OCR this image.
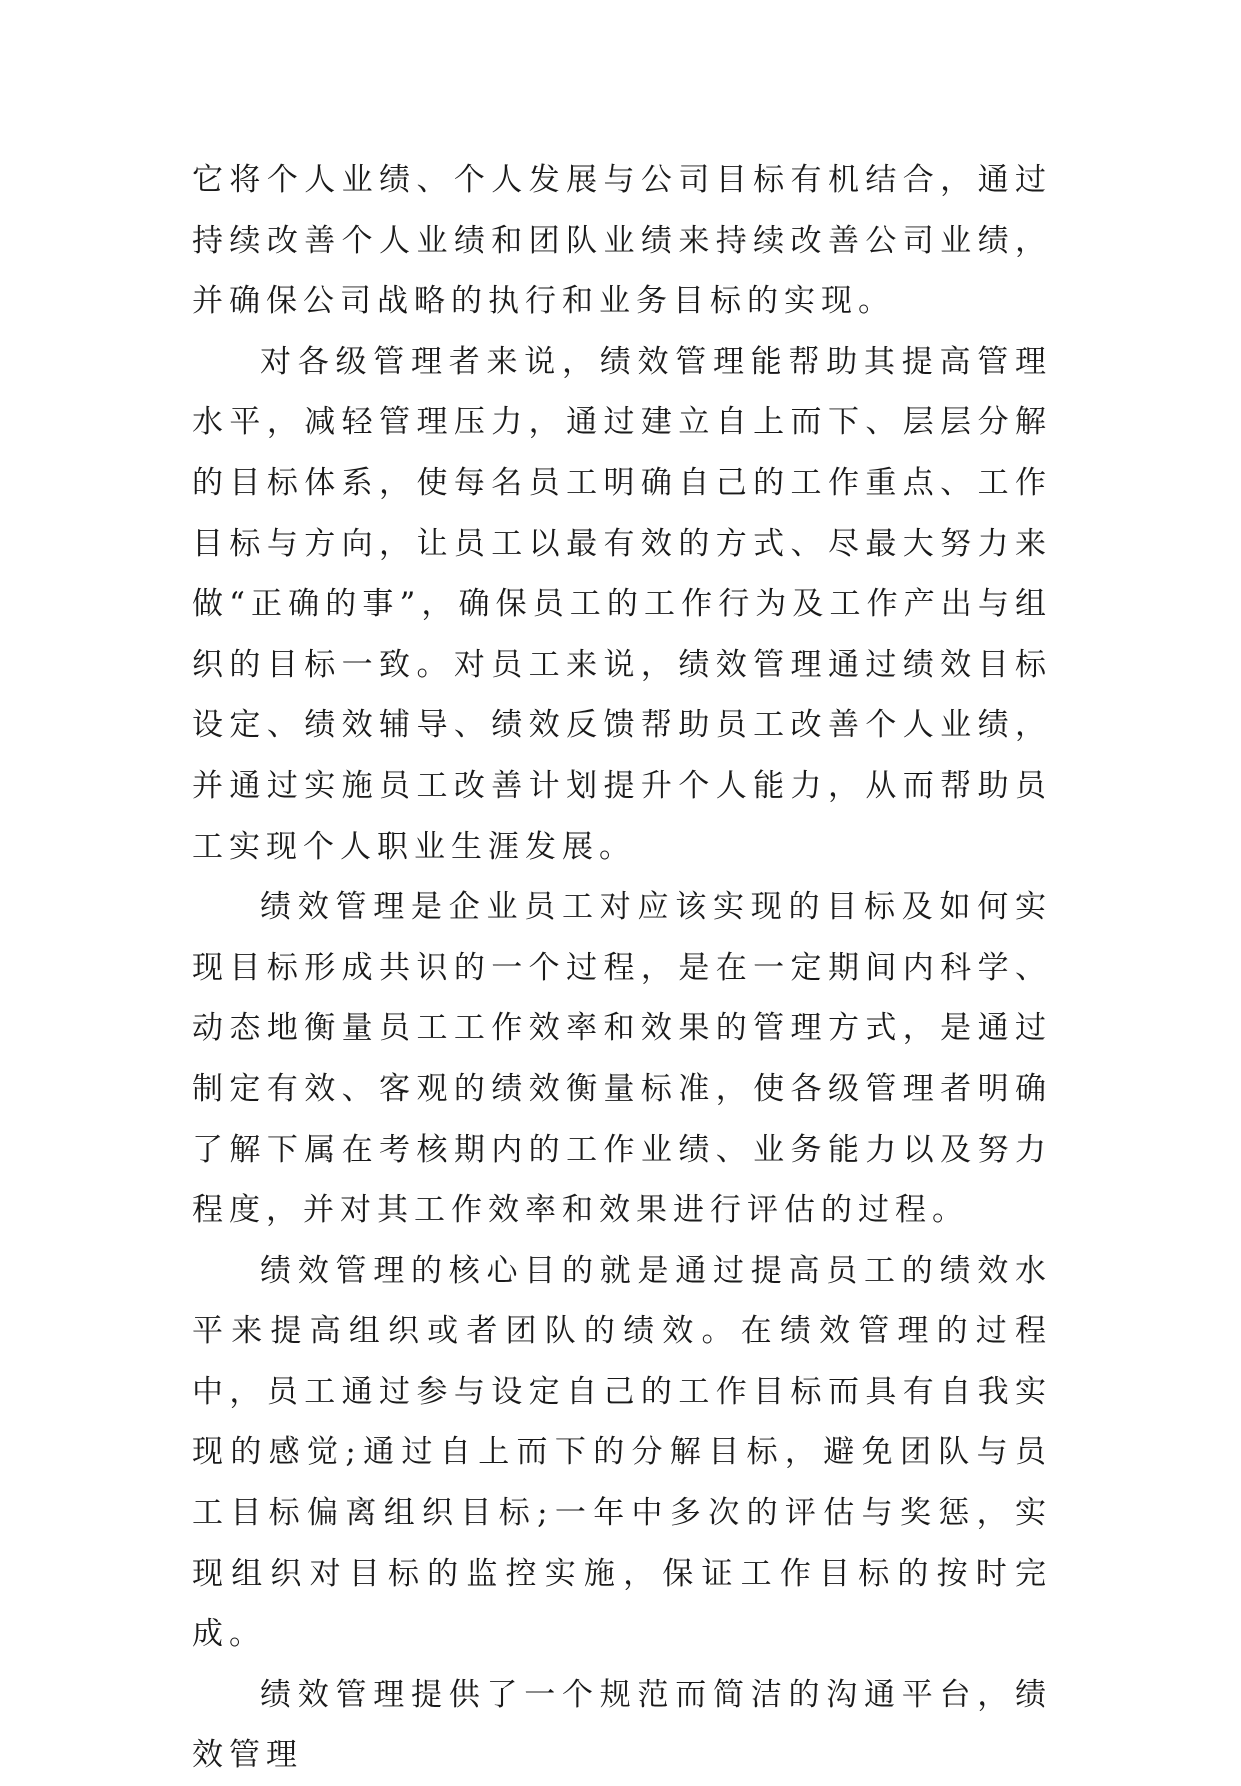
它将个人业绩、个人发展与公司目标有机结合，通过持续改善个人业绩和团队业绩来持续改善公司业绩，并确保公司战略的执行和业务目标的实现。

对各级管理者来说，绩效管理能帮助其提高管理水平，减轻管理压力，通过建立自上而下、层层分解的目标体系，使每名员工明确自己的工作重点、工作目标与方向，让员工以最有效的方式、尽最大努力来做“正确的事”，确保员工的工作行为及工作产出与组织的目标一致。对员工来说，绩效管理通过绩效目标设定、绩效辅导、绩效反馈帮助员工改善个人业绩，并通过实施员工改善计划提升个人能力，从而帮助员工实现个人职业生涯发展。

绩效管理是企业员工对应该实现的目标及如何实现目标形成共识的一个过程，是在一定期间内科学、动态地衡量员工工作效率和效果的管理方式，是通过制定有效、客观的绩效衡量标准，使各级管理者明确了解下属在考核期内的工作业绩、业务能力以及努力程度，并对其工作效率和效果进行评估的过程。

绩效管理的核心目的就是通过提高员工的绩效水平来提高组织或者团队的绩效。在绩效管理的过程中，员工通过参与设定自己的工作目标而具有自我实现的感觉;通过自上而下的分解目标，避免团队与员工目标偏离组织目标;一年中多次的评估与奖惩，实现组织对目标的监控实施，保证工作目标的按时完成。

绩效管理提供了一个规范而简洁的沟通平台，绩效管理
